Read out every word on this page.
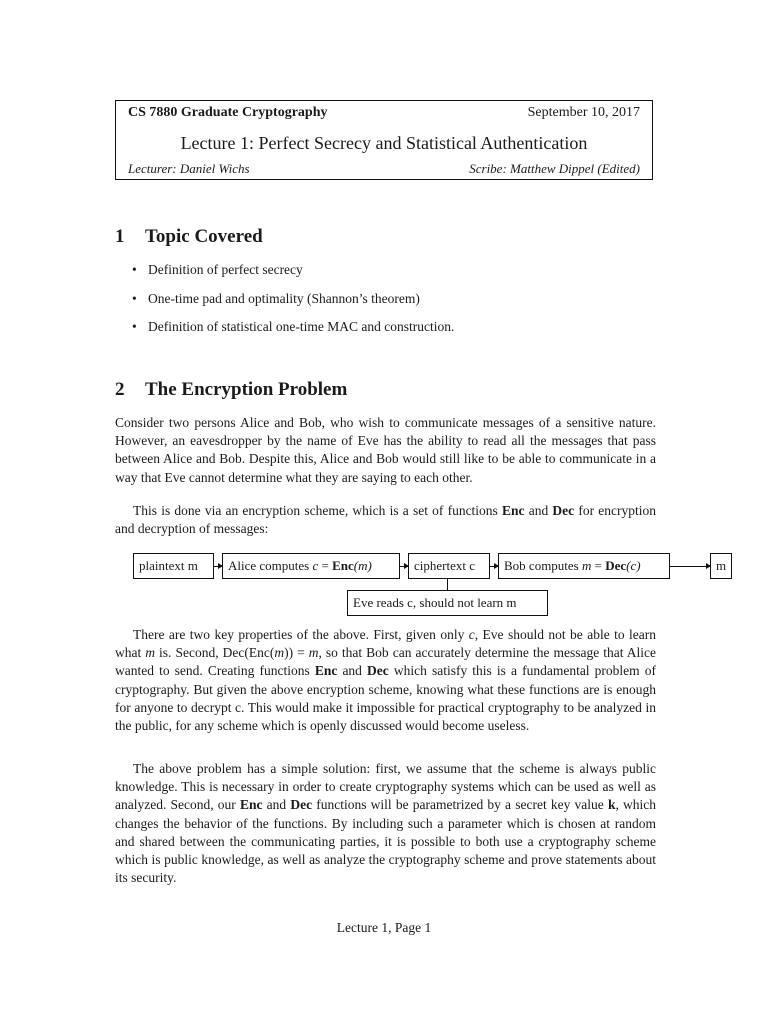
CS 7880 Graduate Cryptography	September 10, 2017
Lecture 1: Perfect Secrecy and Statistical Authentication
Lecturer: Daniel Wichs	Scribe: Matthew Dippel (Edited)
1 Topic Covered
• Definition of perfect secrecy
• One-time pad and optimality (Shannon’s theorem)
• Definition of statistical one-time MAC and construction.
2 The Encryption Problem

Consider two persons Alice and Bob, who wish to communicate messages of a sensitive nature. However, an eavesdropper by the name of Eve has the ability to read all the messages that pass between Alice and Bob. Despite this, Alice and Bob would still like to be able to communicate in a way that Eve cannot determine what they are saying to each other.

This is done via an encryption scheme, which is a set of functions Enc and Dec for encryption and decryption of messages:

plaintext m	Alice computes c = Enc(m)	ciphertext c	Bob computes m = Dec(c)	m
Eve reads c, should not learn m

There are two key properties of the above. First, given only c, Eve should not be able to learn what m is. Second, Dec(Enc(m)) = m, so that Bob can accurately determine the message that Alice wanted to send. Creating functions Enc and Dec which satisfy this is a fundamental problem of cryptography. But given the above encryption scheme, knowing what these functions are is enough for anyone to decrypt c. This would make it impossible for practical cryptography to be analyzed in the public, for any scheme which is openly discussed would become useless.

The above problem has a simple solution: first, we assume that the scheme is always public knowledge. This is necessary in order to create cryptography systems which can be used as well as analyzed. Second, our Enc and Dec functions will be parametrized by a secret key value k, which changes the behavior of the functions. By including such a parameter which is chosen at random and shared between the communicating parties, it is possible to both use a cryptography scheme which is public knowledge, as well as analyze the cryptography scheme and prove statements about its security.

Lecture 1, Page 1
